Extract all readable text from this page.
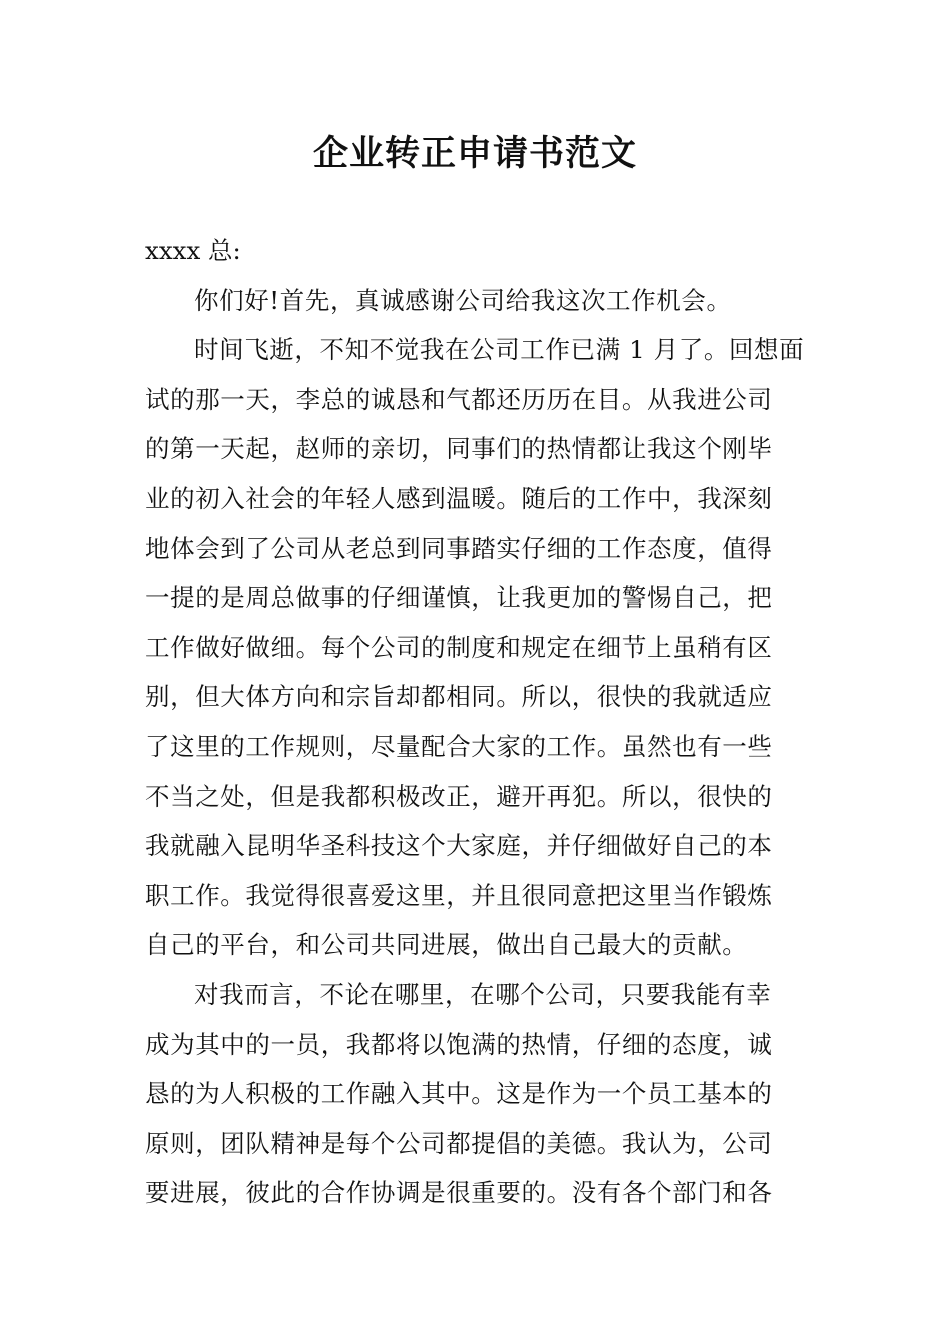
企业转正申请书范文
xxxx 总:
你们好!首先，真诚感谢公司给我这次工作机会。
时间飞逝，不知不觉我在公司工作已满 1 月了。回想面
试的那一天，李总的诚恳和气都还历历在目。从我进公司
的第一天起，赵师的亲切，同事们的热情都让我这个刚毕
业的初入社会的年轻人感到温暖。随后的工作中，我深刻
地体会到了公司从老总到同事踏实仔细的工作态度，值得
一提的是周总做事的仔细谨慎，让我更加的警惕自己，把
工作做好做细。每个公司的制度和规定在细节上虽稍有区
别，但大体方向和宗旨却都相同。所以，很快的我就适应
了这里的工作规则，尽量配合大家的工作。虽然也有一些
不当之处，但是我都积极改正，避开再犯。所以，很快的
我就融入昆明华圣科技这个大家庭，并仔细做好自己的本
职工作。我觉得很喜爱这里，并且很同意把这里当作锻炼
自己的平台，和公司共同进展，做出自己最大的贡献。
对我而言，不论在哪里，在哪个公司，只要我能有幸
成为其中的一员，我都将以饱满的热情，仔细的态度，诚
恳的为人积极的工作融入其中。这是作为一个员工基本的
原则，团队精神是每个公司都提倡的美德。我认为，公司
要进展，彼此的合作协调是很重要的。没有各个部门和各
